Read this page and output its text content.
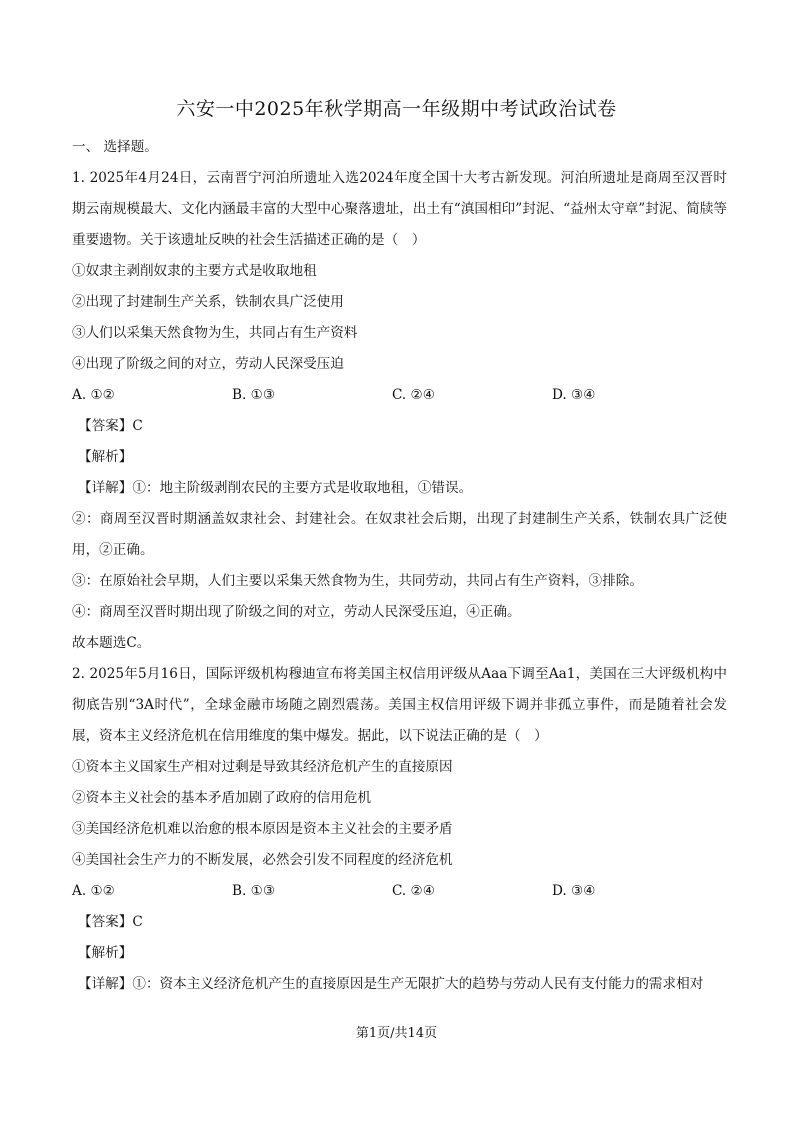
六安一中2025年秋学期高一年级期中考试政治试卷
一、 选择题。
1. 2025年4月24日，云南晋宁河泊所遗址入选2024年度全国十大考古新发现。河泊所遗址是商周至汉晋时期云南规模最大、文化内涵最丰富的大型中心聚落遗址，出土有“滇国相印”封泥、“益州太守章”封泥、简牍等重要遗物。关于该遗址反映的社会生活描述正确的是（　）
①奴隶主剥削奴隶的主要方式是收取地租
②出现了封建制生产关系，铁制农具广泛使用
③人们以采集天然食物为生，共同占有生产资料
④出现了阶级之间的对立，劳动人民深受压迫
A. ①②	B. ①③	C. ②④	D. ③④
【答案】C
【解析】
【详解】①：地主阶级剥削农民的主要方式是收取地租，①错误。
②：商周至汉晋时期涵盖奴隶社会、封建社会。在奴隶社会后期，出现了封建制生产关系，铁制农具广泛使用，②正确。
③：在原始社会早期，人们主要以采集天然食物为生，共同劳动，共同占有生产资料，③排除。
④：商周至汉晋时期出现了阶级之间的对立，劳动人民深受压迫，④正确。
故本题选C。
2. 2025年5月16日，国际评级机构穆迪宣布将美国主权信用评级从Aaa下调至Aa1，美国在三大评级机构中彻底告别“3A时代”，全球金融市场随之剧烈震荡。美国主权信用评级下调并非孤立事件，而是随着社会发展，资本主义经济危机在信用维度的集中爆发。据此，以下说法正确的是（　）
①资本主义国家生产相对过剩是导致其经济危机产生的直接原因
②资本主义社会的基本矛盾加剧了政府的信用危机
③美国经济危机难以治愈的根本原因是资本主义社会的主要矛盾
④美国社会生产力的不断发展，必然会引发不同程度的经济危机
A. ①②	B. ①③	C. ②④	D. ③④
【答案】C
【解析】
【详解】①：资本主义经济危机产生的直接原因是生产无限扩大的趋势与劳动人民有支付能力的需求相对
第1页/共14页
